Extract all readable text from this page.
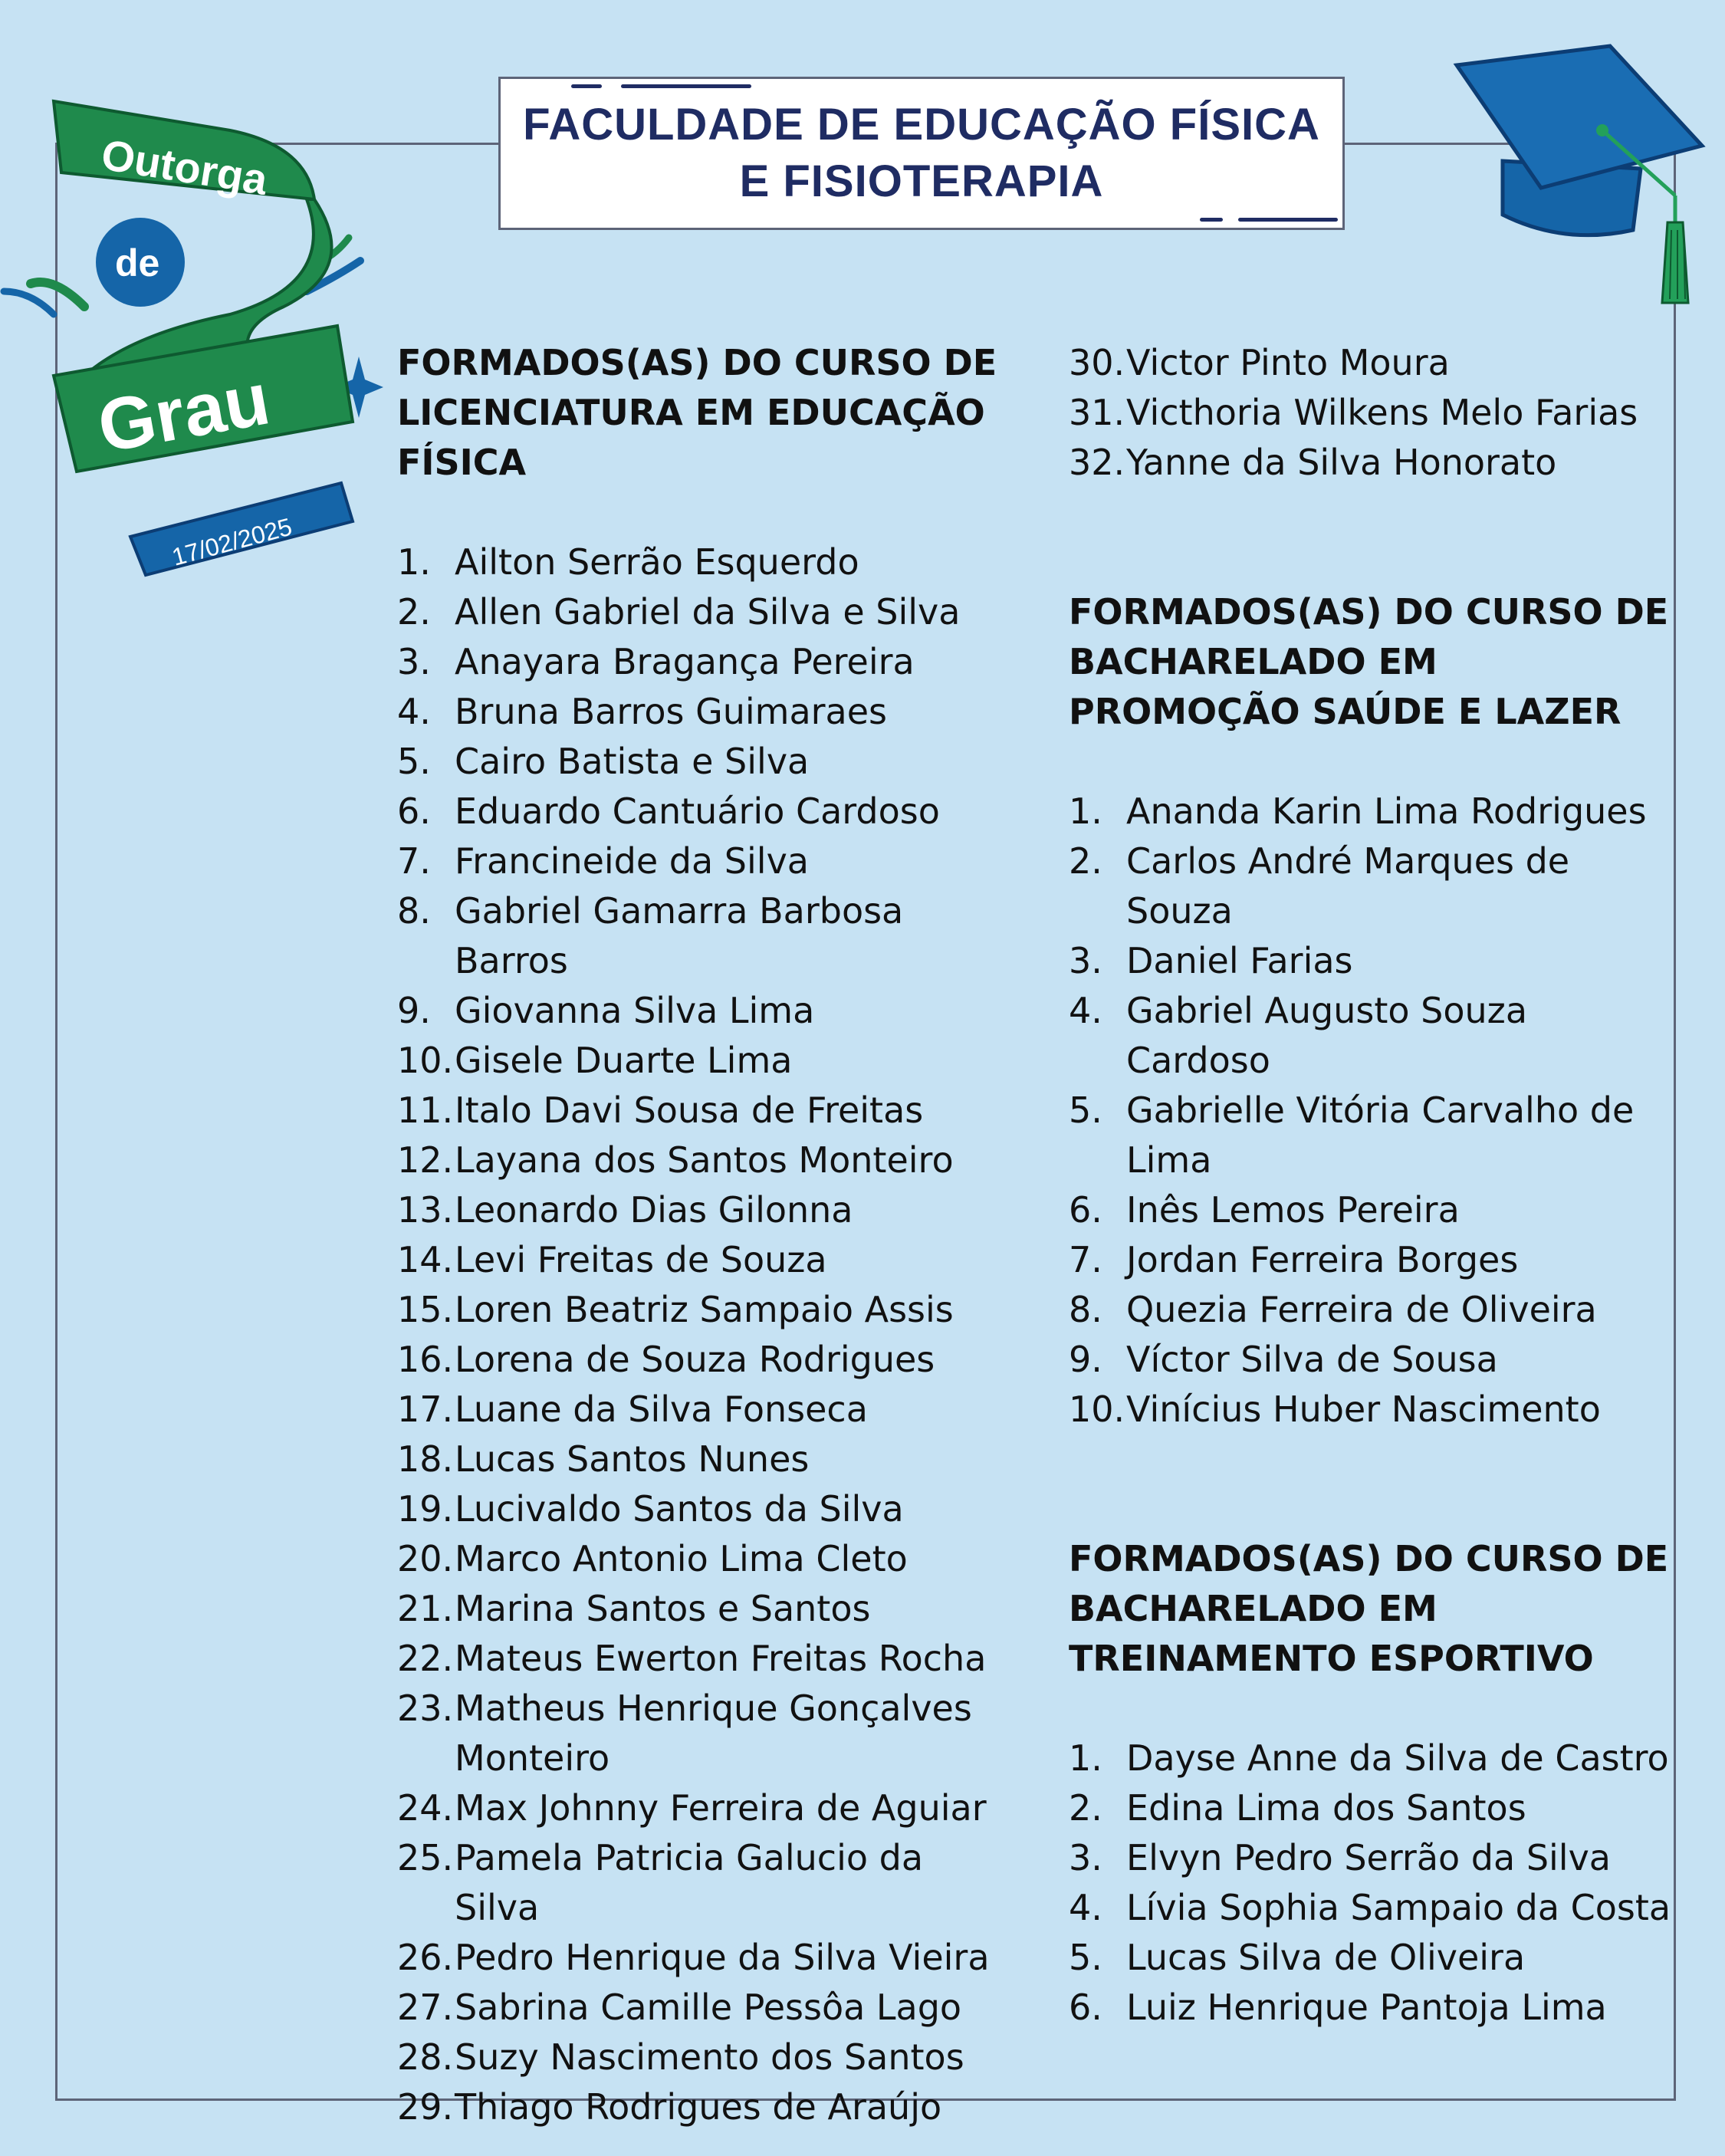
FACULDADE DE EDUCAÇÃO FÍSICA
E FISIOTERAPIA
Outorga
de
Grau
17/02/2025
FORMADOS(AS) DO CURSO DE LICENCIATURA EM EDUCAÇÃO FÍSICA
1. Ailton Serrão Esquerdo
2. Allen Gabriel da Silva e Silva
3. Anayara Bragança Pereira
4. Bruna Barros Guimaraes
5. Cairo Batista e Silva
6. Eduardo Cantuário Cardoso
7. Francineide da Silva
8. Gabriel Gamarra Barbosa Barros
9. Giovanna Silva Lima
10. Gisele Duarte Lima
11. Italo Davi Sousa de Freitas
12. Layana dos Santos Monteiro
13. Leonardo Dias Gilonna
14. Levi Freitas de Souza
15. Loren Beatriz Sampaio Assis
16. Lorena de Souza Rodrigues
17. Luane da Silva Fonseca
18. Lucas Santos Nunes
19. Lucivaldo Santos da Silva
20. Marco Antonio Lima Cleto
21. Marina Santos e Santos
22. Mateus Ewerton Freitas Rocha
23. Matheus Henrique Gonçalves Monteiro
24. Max Johnny Ferreira de Aguiar
25. Pamela Patricia Galucio da Silva
26. Pedro Henrique da Silva Vieira
27. Sabrina Camille Pessôa Lago
28. Suzy Nascimento dos Santos
29. Thiago Rodrigues de Araújo
30. Victor Pinto Moura
31. Victhoria Wilkens Melo Farias
32. Yanne da Silva Honorato
FORMADOS(AS) DO CURSO DE BACHARELADO EM PROMOÇÃO SAÚDE E LAZER
1. Ananda Karin Lima Rodrigues
2. Carlos André Marques de Souza
3. Daniel Farias
4. Gabriel Augusto Souza Cardoso
5. Gabrielle Vitória Carvalho de Lima
6. Inês Lemos Pereira
7. Jordan Ferreira Borges
8. Quezia Ferreira de Oliveira
9. Víctor Silva de Sousa
10. Vinícius Huber Nascimento
FORMADOS(AS) DO CURSO DE BACHARELADO EM TREINAMENTO ESPORTIVO
1. Dayse Anne da Silva de Castro
2. Edina Lima dos Santos
3. Elvyn Pedro Serrão da Silva
4. Lívia Sophia Sampaio da Costa
5. Lucas Silva de Oliveira
6. Luiz Henrique Pantoja Lima
